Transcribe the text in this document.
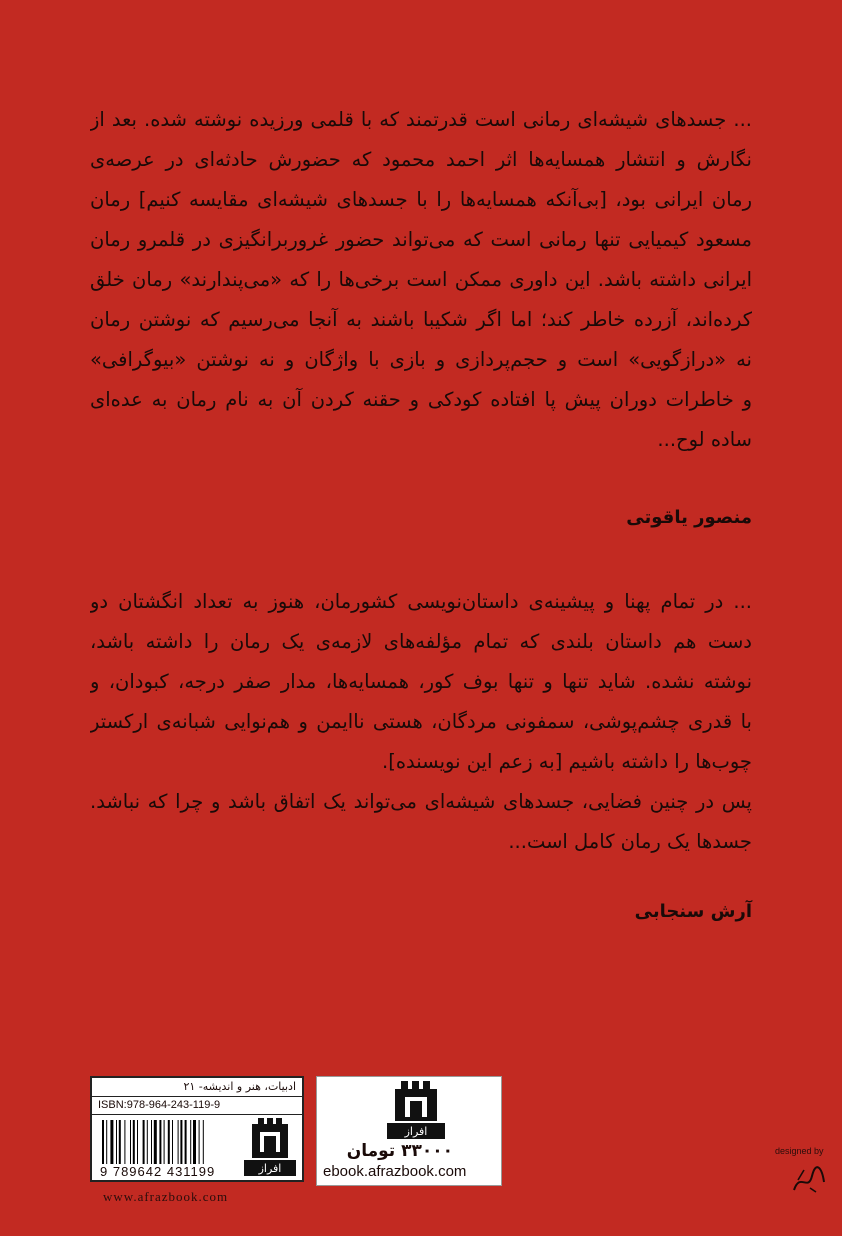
... جسدهای شیشه‌ای رمانی است قدرتمند که با قلمی ورزیده نوشته شده. بعد از
نگارش و انتشار همسایه‌ها اثر احمد محمود که حضورش حادثه‌ای در عرصه‌ی
رمان ایرانی بود، [بی‌آنکه همسایه‌ها را با جسدهای شیشه‌ای مقایسه کنیم] رمان
مسعود کیمیایی تنها رمانی است که می‌تواند حضور غروربرانگیزی در قلمرو رمان
ایرانی داشته باشد. این داوری ممکن است برخی‌ها را که «می‌پندارند» رمان خلق
کرده‌اند، آزرده خاطر کند؛ اما اگر شکیبا باشند به آنجا می‌رسیم که نوشتن رمان
نه «درازگویی» است و حجم‌پردازی و بازی با واژگان و نه نوشتن «بیوگرافی»
و خاطرات دوران پیش پا افتاده کودکی و حقنه کردن آن به نام رمان به عده‌ای
ساده لوح...
منصور یاقوتی
... در تمام پهنا و پیشینه‌ی داستان‌نویسی کشورمان، هنوز به تعداد انگشتان دو
دست هم داستان بلندی که تمام مؤلفه‌های لازمه‌ی یک رمان را داشته باشد،
نوشته نشده. شاید تنها و تنها بوف کور، همسایه‌ها، مدار صفر درجه، کبودان، و
با قدری چشم‌پوشی، سمفونی مردگان، هستی ناایمن و هم‌نوایی شبانه‌ی ارکستر
چوب‌ها را داشته باشیم [به زعم این نویسنده].
پس در چنین فضایی، جسدهای شیشه‌ای می‌تواند یک اتفاق باشد و چرا که نباشد.
جسدها یک رمان کامل است...
آرش سنجابی
ادبیات، هنر و اندیشه- ۲۱
ISBN:978-964-243-119-9
9 789642 431199	افراز
www.afrazbook.com
افراز
۳۳۰۰۰ تومان
ebook.afrazbook.com
designed by
